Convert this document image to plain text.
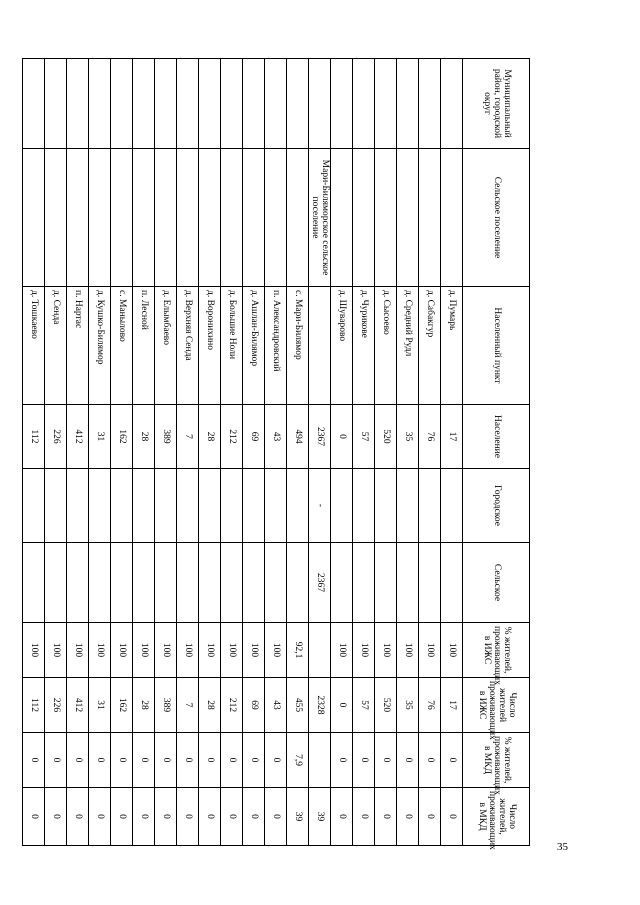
Муниципальный район, городской округ	Сельское поселение	Населенный пункт	Население	Городское	Сельское	% жителей, проживающих в ИЖС	Число жителей проживающих в ИЖС	% жителей, проживающих в МКД	Число жителей, проживающих в МКД
		д. Пумарь	17			100	17	0	0
		д. Сабакгур	76			100	76	0	0
		д. Средний Рудл	35			100	35	0	0
		д. Сысоево	520			100	520	0	0
		д. Чурикове	57			100	57	0	0
		д. Шуварово	0			100	0	0	0
	Мари-Биляморское сельское поселение		2367	-	2367		2328		39
		с. Мари-Билямор	494			92,1	455	7,9	39
		п. Александровский	43			100	43	0	0
		д. Ашлан-Билямор	69			100	69	0	0
		д. Большие Ноли	212			100	212	0	0
		д. Воронихино	28			100	28	0	0
		д. Верхняя Сенда	7			100	7	0	0
		д. Елымбаево	389			100	389	0	0
		п. Лесной	28			100	28	0	0
		с. Манылово	162			100	162	0	0
		д. Кушко-Билямор	31			100	31	0	0
		п. Нартас	412			100	412	0	0
		д. Сенда	226			100	226	0	0
		д. Тошкаево	112			100	112	0	0
35
